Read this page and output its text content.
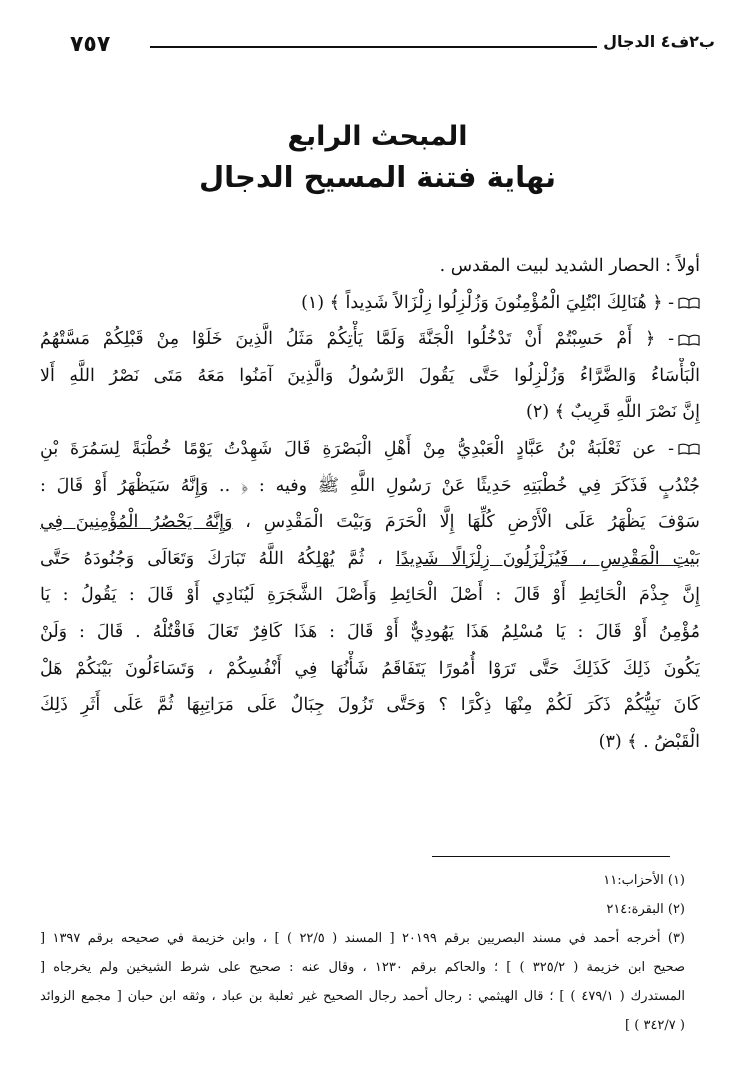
٧٥٧	ب٢ف٤ الدجال

المبحث الرابع

نهاية فتنة المسيح الدجال

أولاً : الحصار الشديد لبيت المقدس .
- ﴿ هُنَالِكَ ابْتُلِيَ الْمُؤْمِنُونَ وَزُلْزِلُوا زِلْزَالاً شَدِيداً ﴾ (١)
- ﴿ أَمْ حَسِبْتُمْ أَنْ تَدْخُلُوا الْجَنَّةَ وَلَمَّا يَأْتِكُمْ مَثَلُ الَّذِينَ خَلَوْا مِنْ قَبْلِكُمْ مَسَّتْهُمُ
الْبَأْسَاءُ وَالضَّرَّاءُ وَزُلْزِلُوا حَتَّى يَقُولَ الرَّسُولُ وَالَّذِينَ آمَنُوا مَعَهُ مَتَى نَصْرُ اللَّهِ أَلا
إِنَّ نَصْرَ اللَّهِ قَرِيبٌ ﴾ (٢)
- عن ثَعْلَبَةُ بْنُ عَبَّادٍ الْعَبْدِيُّ مِنْ أَهْلِ الْبَصْرَةِ قَالَ شَهِدْتُ يَوْمًا خُطْبَةً لِسَمُرَةَ بْنِ
جُنْدُبٍ فَذَكَرَ فِي خُطْبَتِهِ حَدِيثًا عَنْ رَسُولِ اللَّهِ ﷺ وفيه : ﴿ .. وَإِنَّهُ سَيَظْهَرُ أَوْ قَالَ :
سَوْفَ يَظْهَرُ عَلَى الْأَرْضِ كُلِّهَا إِلَّا الْحَرَمَ وَبَيْتَ الْمَقْدِسِ ، وَإِنَّهُ يَحْصُرُ الْمُؤْمِنِينَ فِي
بَيْتِ الْمَقْدِسِ ، فَيُزَلْزَلُونَ زِلْزَالًا شَدِيدًا ، ثُمَّ يُهْلِكُهُ اللَّهُ تَبَارَكَ وَتَعَالَى وَجُنُودَهُ حَتَّى
إِنَّ جِذْمَ الْحَائِطِ أَوْ قَالَ : أَصْلَ الْحَائِطِ وَأَصْلَ الشَّجَرَةِ لَيُنَادِي أَوْ قَالَ : يَقُولُ : يَا
مُؤْمِنُ أَوْ قَالَ : يَا مُسْلِمُ هَذَا يَهُودِيٌّ أَوْ قَالَ : هَذَا كَافِرٌ تَعَالَ فَاقْتُلْهُ . قَالَ : وَلَنْ
يَكُونَ ذَلِكَ كَذَلِكَ حَتَّى تَرَوْا أُمُورًا يَتَفَاقَمُ شَأْنُهَا فِي أَنْفُسِكُمْ ، وَتَسَاءَلُونَ بَيْنَكُمْ هَلْ
كَانَ نَبِيُّكُمْ ذَكَرَ لَكُمْ مِنْهَا ذِكْرًا ؟ وَحَتَّى تَزُولَ جِبَالٌ عَلَى مَرَاتِبِهَا ثُمَّ عَلَى أَثَرِ ذَلِكَ
الْقَبْضُ . ﴾ (٣)
(١) الأحزاب:١١
(٢) البقرة:٢١٤
(٣) أخرجه أحمد في مسند البصريين برقم ٢٠١٩٩ [ المسند ( ٢٢/٥ ) ] ، وابن خزيمة في صحيحه برقم ١٣٩٧ [
صحيح ابن خزيمة ( ٣٢٥/٢ ) ] ؛ والحاكم برقم ١٢٣٠ ، وقال عنه : صحيح على شرط الشيخين ولم يخرجاه [
المستدرك ( ٤٧٩/١ ) ] ؛ قال الهيثمي : رجال أحمد رجال الصحيح غير ثعلبة بن عباد ، وثقه ابن حبان [ مجمع الزوائد
( ٣٤٢/٧ ) ]
